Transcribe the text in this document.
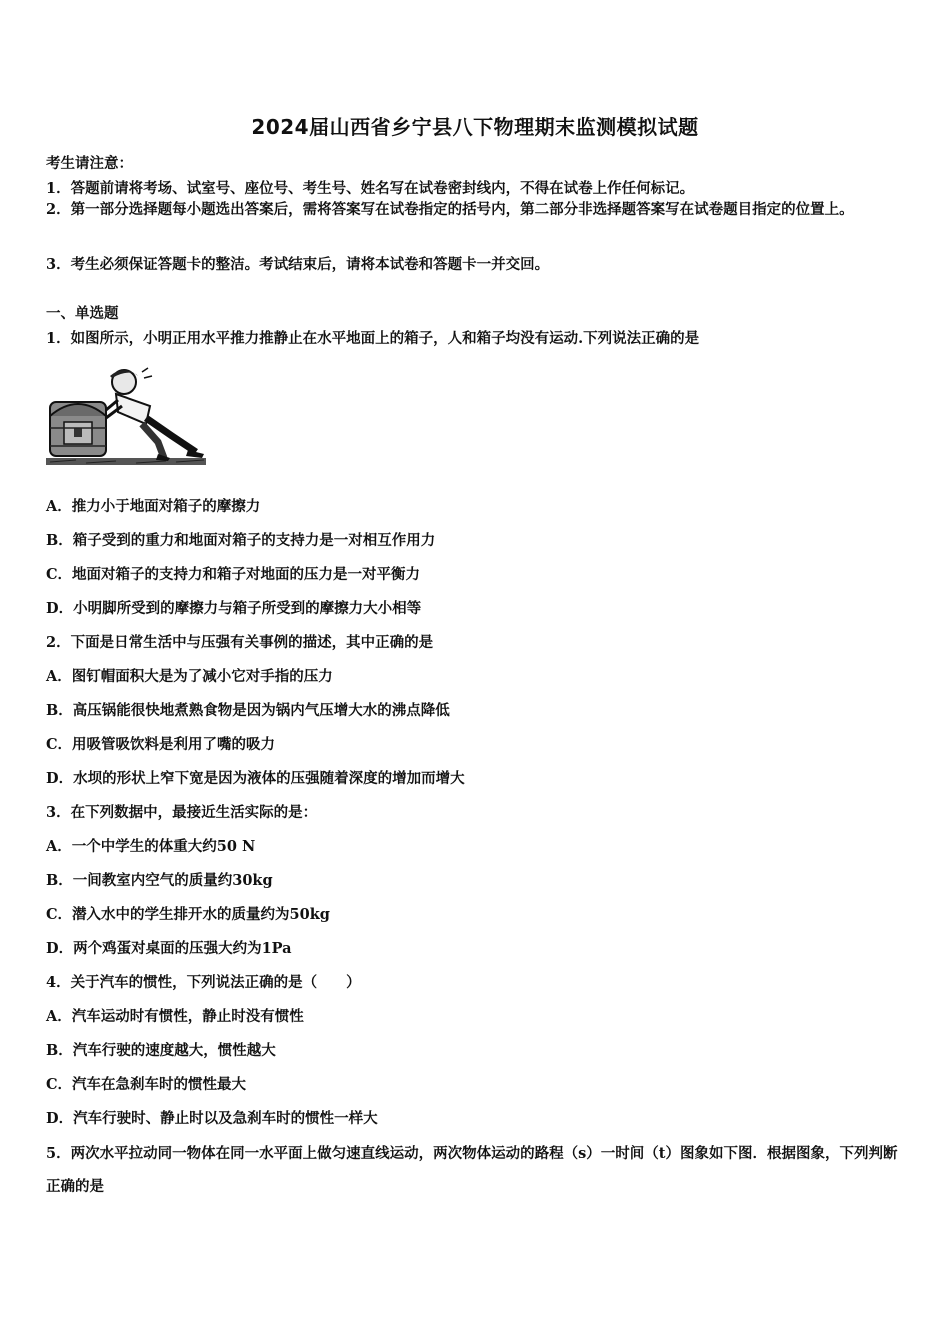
2024届山西省乡宁县八下物理期末监测模拟试题
考生请注意：
1．答题前请将考场、试室号、座位号、考生号、姓名写在试卷密封线内，不得在试卷上作任何标记。
2．第一部分选择题每小题选出答案后，需将答案写在试卷指定的括号内，第二部分非选择题答案写在试卷题目指定的位置上。
3．考生必须保证答题卡的整洁。考试结束后，请将本试卷和答题卡一并交回。
一、单选题
1．如图所示，小明正用水平推力推静止在水平地面上的箱子，人和箱子均没有运动.下列说法正确的是
A．推力小于地面对箱子的摩擦力
B．箱子受到的重力和地面对箱子的支持力是一对相互作用力
C．地面对箱子的支持力和箱子对地面的压力是一对平衡力
D．小明脚所受到的摩擦力与箱子所受到的摩擦力大小相等
2．下面是日常生活中与压强有关事例的描述，其中正确的是
A．图钉帽面积大是为了减小它对手指的压力
B．高压锅能很快地煮熟食物是因为锅内气压增大水的沸点降低
C．用吸管吸饮料是利用了嘴的吸力
D．水坝的形状上窄下宽是因为液体的压强随着深度的增加而增大
3．在下列数据中，最接近生活实际的是：
A．一个中学生的体重大约50 N
B．一间教室内空气的质量约30kg
C．潜入水中的学生排开水的质量约为50kg
D．两个鸡蛋对桌面的压强大约为1Pa
4．关于汽车的惯性，下列说法正确的是（　　）
A．汽车运动时有惯性，静止时没有惯性
B．汽车行驶的速度越大，惯性越大
C．汽车在急刹车时的惯性最大
D．汽车行驶时、静止时以及急刹车时的惯性一样大
5．两次水平拉动同一物体在同一水平面上做匀速直线运动，两次物体运动的路程（s）一时间（t）图象如下图．根据图象，下列判断正确的是
